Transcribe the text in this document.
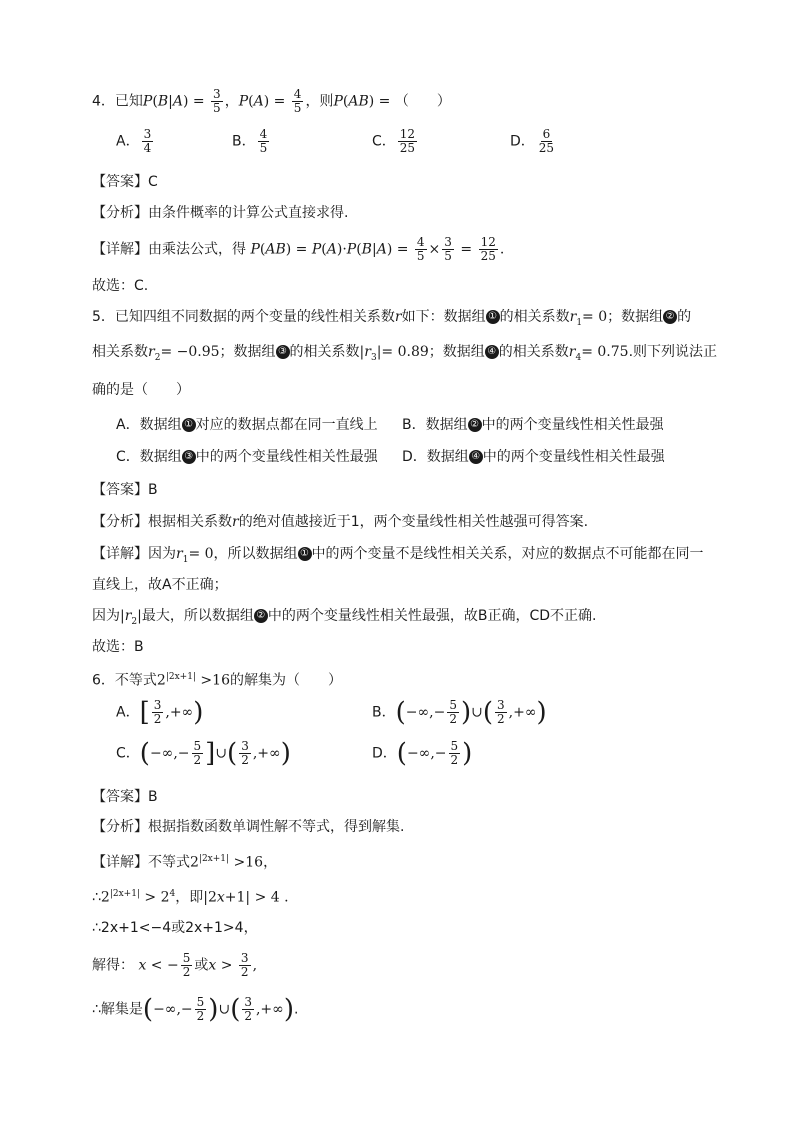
4．已知$P(B|A) = \frac{3}{5}$ ，$P(A) = \frac{4}{5}$ ，则P(AB) = （　　）
A． $\frac{3}{4}$	B． $\frac{4}{5}$	C． $\frac{12}{25}$	D． $\frac{6}{25}$
【答案】C
【分析】由条件概率的计算公式直接求得.
【详解】由乘法公式，得 $P(AB) = P(A)\cdot P(B|A) = \frac{4}{5} \times \frac{3}{5} = \frac{12}{25}$ .
故选：C.
5．已知四组不同数据的两个变量的线性相关系数r如下：数据组 ① 的相关系数$r_1= 0$；数据组 ② 的
相关系数$r_2= -0.95$；数据组 ③ 的相关系数$|r_3|= 0.89$；数据组 ④ 的相关系数$r_4= 0.75$.则下列说法正
确的是（　　）
A．数据组 ① 对应的数据点都在同一直线上 B．数据组 ② 中的两个变量线性相关性最强
C．数据组 ③ 中的两个变量线性相关性最强 D．数据组 ④ 中的两个变量线性相关性最强
【答案】B
【分析】根据相关系数r的绝对值越接近于1，两个变量线性相关性越强可得答案.
【详解】因为$r_1= 0$，所以数据组 ① 中的两个变量不是线性相关关系，对应的数据点不可能都在同一
直线上，故A不正确；
因为$|r_2|$最大，所以数据组 ② 中的两个变量线性相关性最强，故B正确，CD不正确.
故选：B
6．不等式$2^{|2x+1|} >16$的解集为（　　）
A．[ $\frac{3}{2}$ ,+∞)	B．(−∞,− $\frac{5}{2}$ )∪( $\frac{3}{2}$ ,+∞)
C．(−∞,− $\frac{5}{2}$ ]∪( $\frac{3}{2}$ ,+∞)	D．(−∞,− $\frac{5}{2}$ )
【答案】B
【分析】根据指数函数单调性解不等式，得到解集.
【详解】不等式$2^{|2x+1|} >16$，
$\therefore 2^{|2x+1|} > 2^4$，即|2x+1| > 4 .
∴2x+1<−4或2x+1>4，
解得： x < − $\frac{5}{2}$ 或$x > \frac{3}{2}$ ,
∴解集是(−∞,− $\frac{5}{2}$ )∪( $\frac{3}{2}$ ,+∞).
